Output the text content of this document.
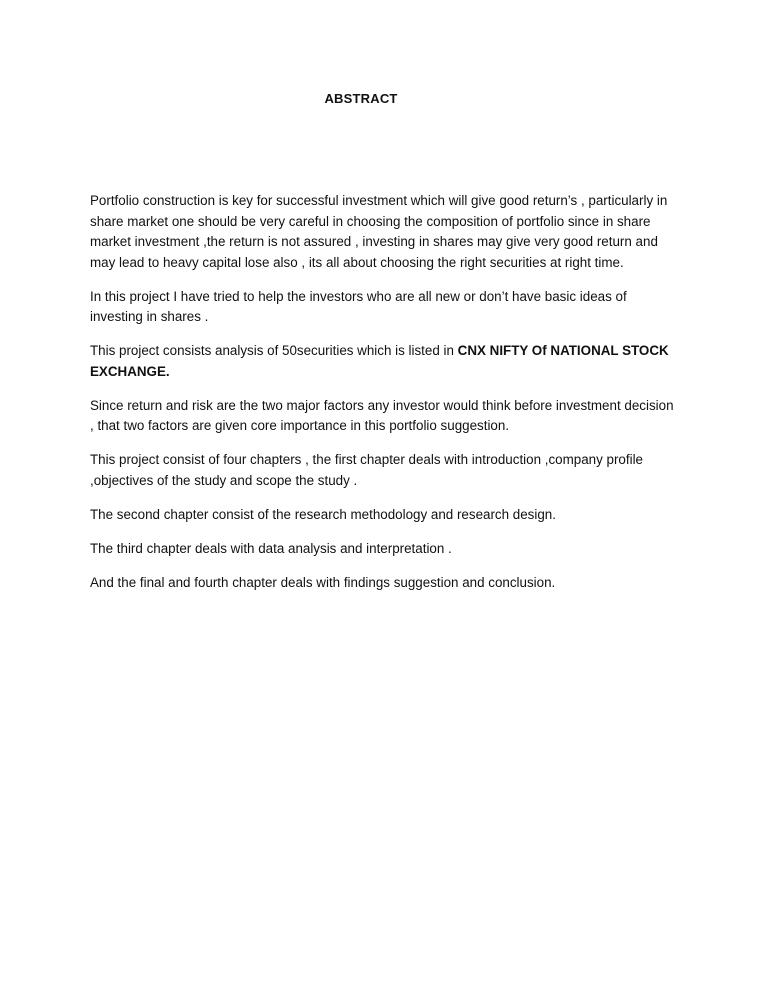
ABSTRACT

Portfolio construction is key for successful investment which will give good return’s , particularly in share market one should be very careful in choosing the composition of portfolio since in share market investment ,the return is not assured , investing in shares may give very good return and may lead to heavy capital lose also , its all about choosing the right securities at right time.

In this project I have tried to help the investors who are all new or don’t have basic ideas of investing in shares .

This project consists analysis of 50securities which is listed in CNX NIFTY Of NATIONAL STOCK EXCHANGE.

Since return and risk are the two major factors any investor would think before investment decision , that two factors are given core importance in this portfolio suggestion.

This project consist of four chapters , the first chapter deals with introduction ,company profile ,objectives of the study and scope the study .

The second chapter consist of the research methodology and research design.

The third chapter deals with data analysis and interpretation .

And the final and fourth chapter deals with findings suggestion and conclusion.
